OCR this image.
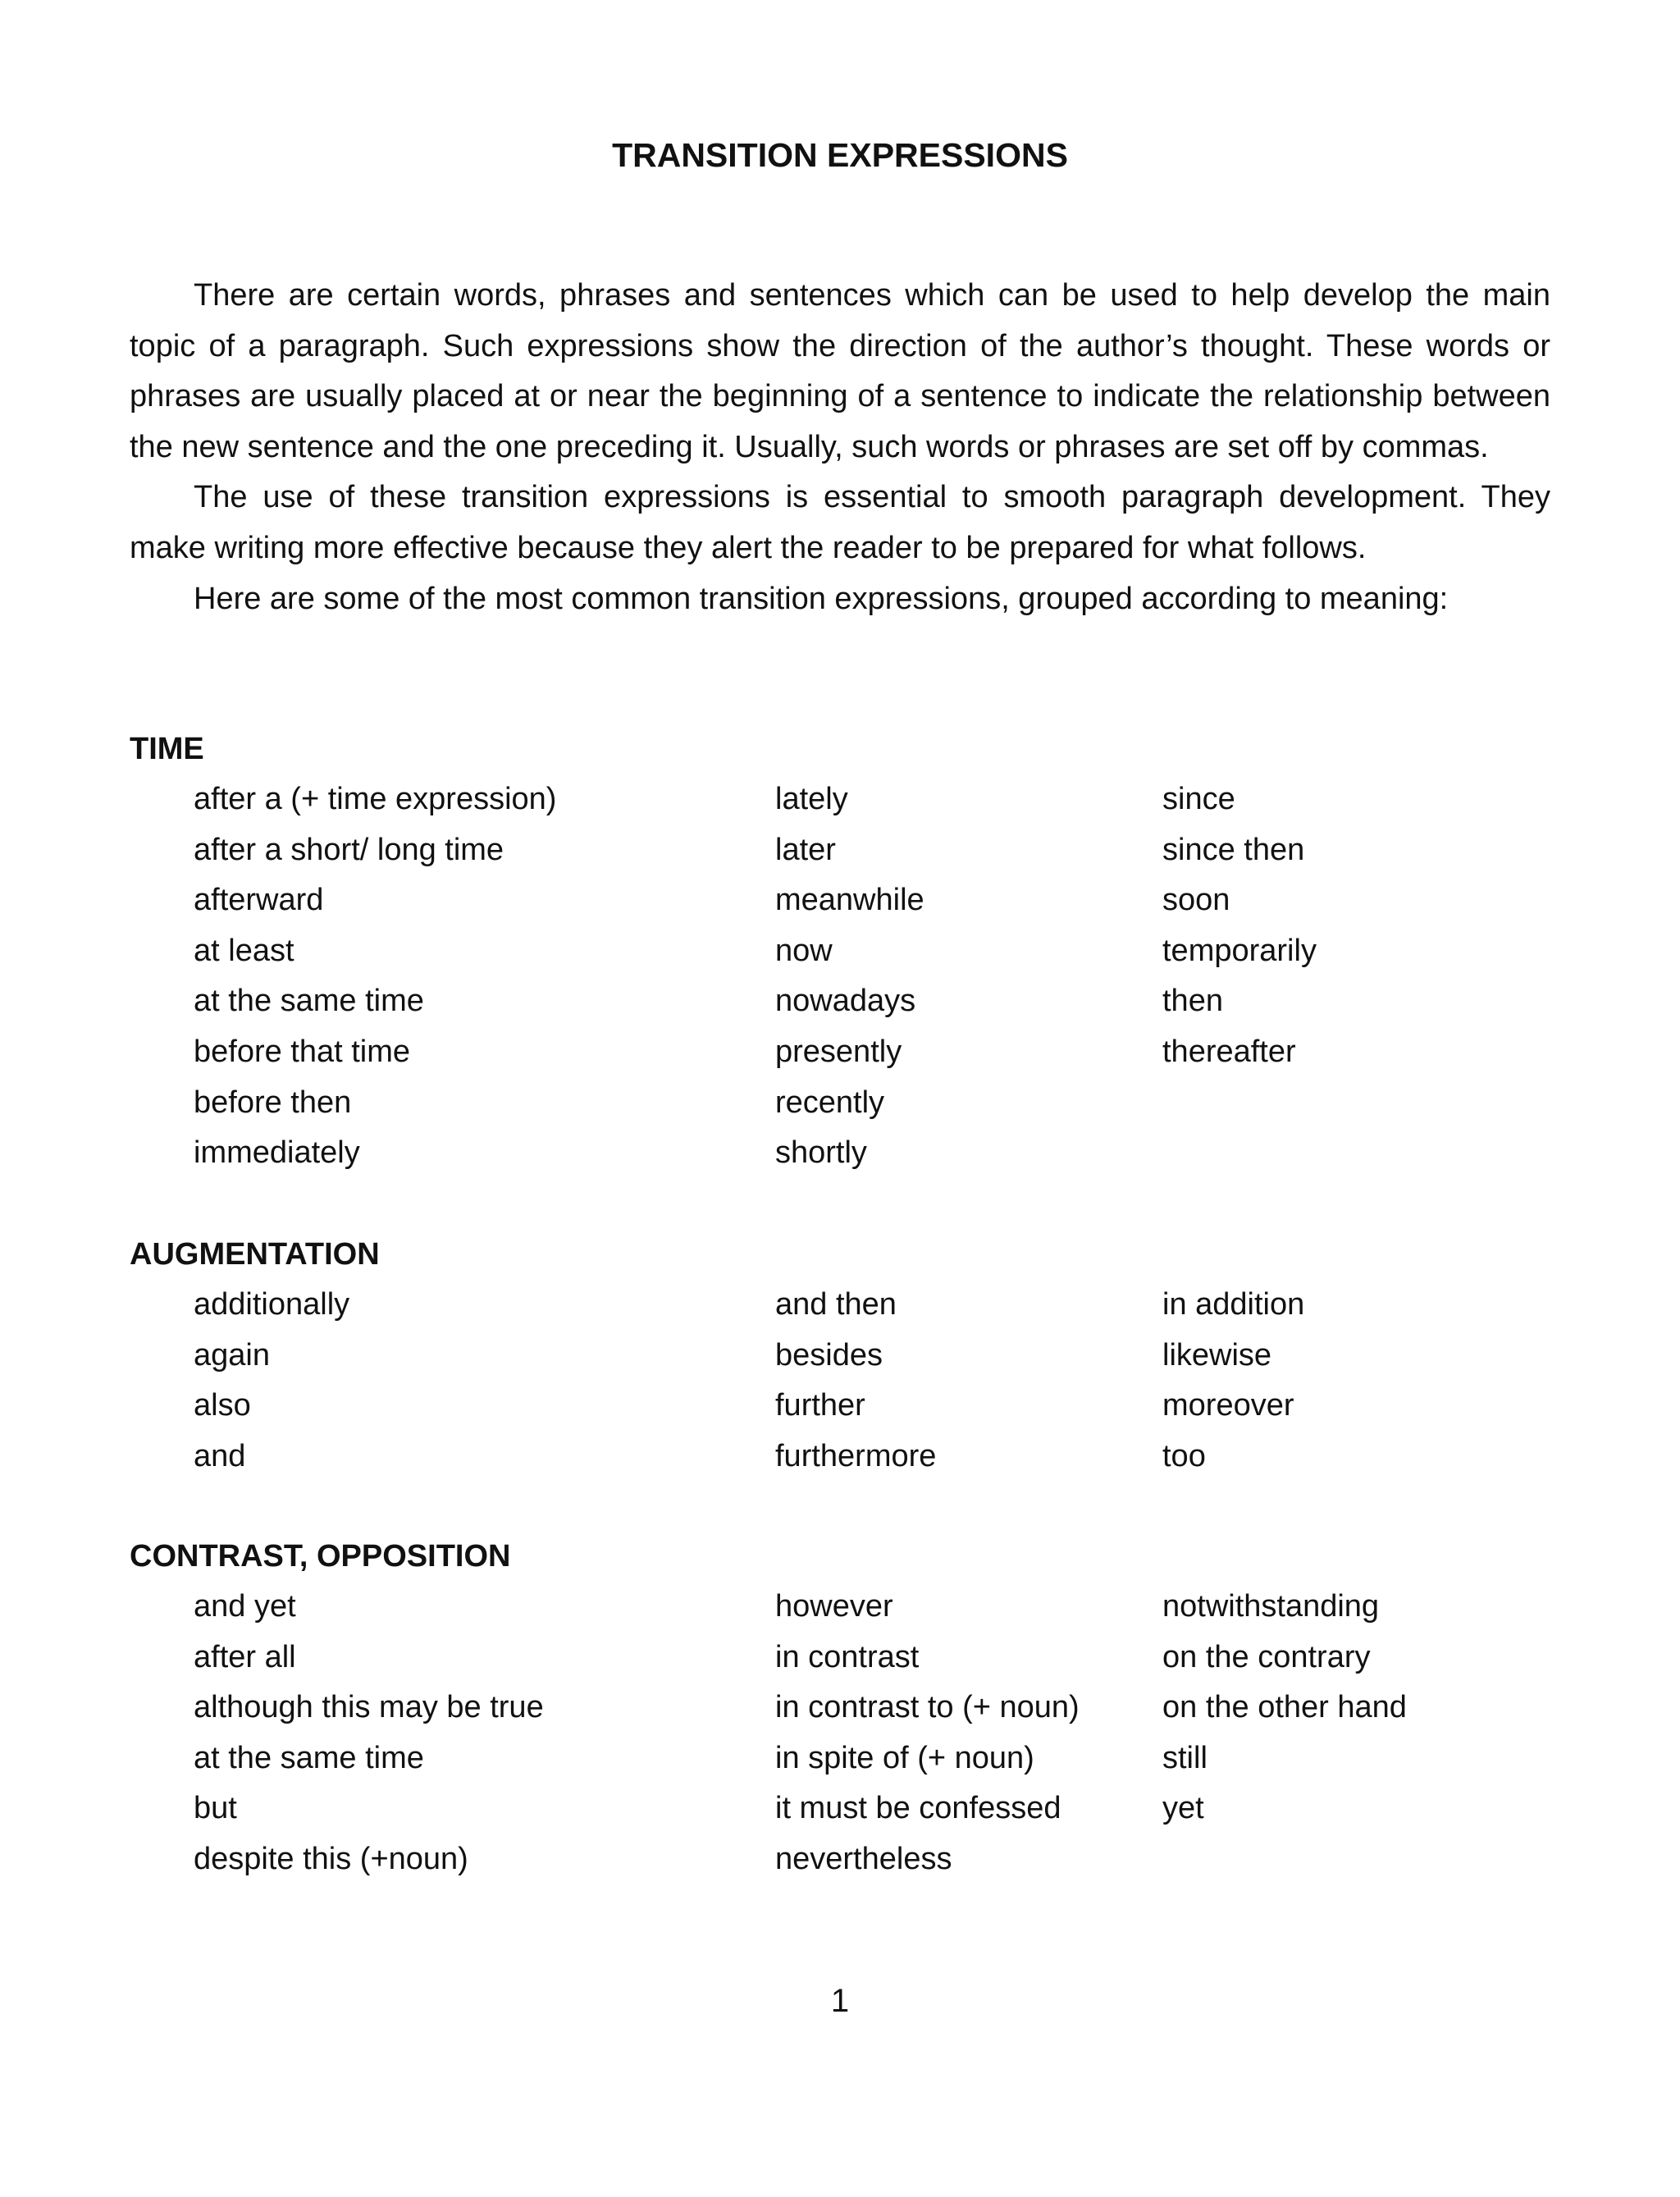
TRANSITION EXPRESSIONS

There are certain words, phrases and sentences which can be used to help develop the main topic of a paragraph. Such expressions show the direction of the author’s thought. These words or phrases are usually placed at or near the beginning of a sentence to indicate the relationship between the new sentence and the one preceding it. Usually, such words or phrases are set off by commas.

The use of these transition expressions is essential to smooth paragraph development. They make writing more effective because they alert the reader to be prepared for what follows.

Here are some of the most common transition expressions, grouped according to meaning:

TIME
after a (+ time expression)
after a short/ long time
afterward
at least
at the same time
before that time
before then
immediately
lately
later
meanwhile
now
nowadays
presently
recently
shortly
since
since then
soon
temporarily
then
thereafter
AUGMENTATION
additionally
again
also
and
and then
besides
further
furthermore
in addition
likewise
moreover
too
CONTRAST, OPPOSITION
and yet
after all
although this may be true
at the same time
but
despite this (+noun)
however
in contrast
in contrast to (+ noun)
in spite of (+ noun)
it must be confessed
nevertheless
notwithstanding
on the contrary
on the other hand
still
yet
1
